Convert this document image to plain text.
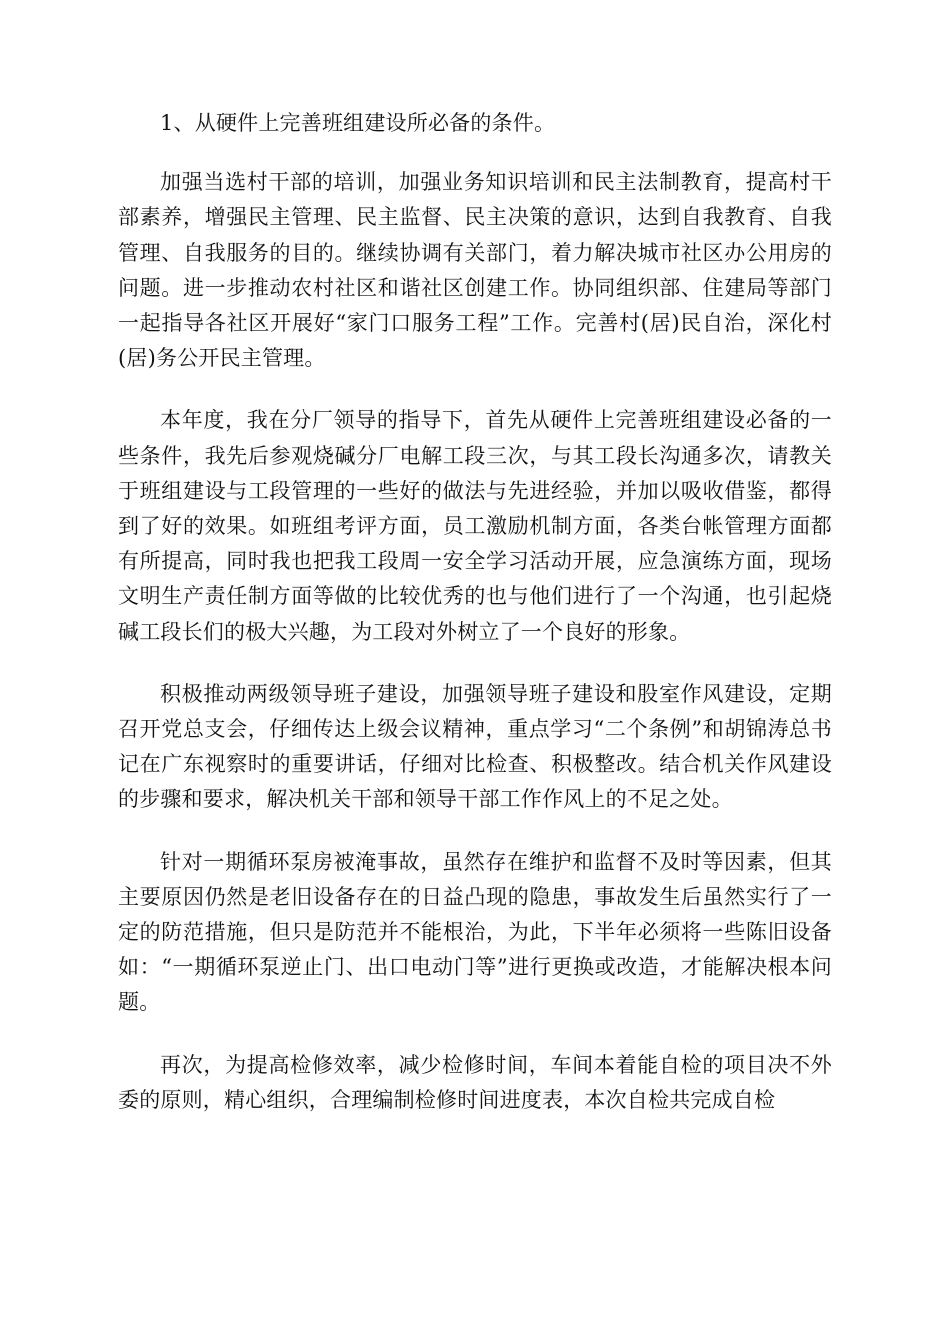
1、从硬件上完善班组建设所必备的条件。

加强当选村干部的培训，加强业务知识培训和民主法制教育，提高村干部素养，增强民主管理、民主监督、民主决策的意识，达到自我教育、自我管理、自我服务的目的。继续协调有关部门，着力解决城市社区办公用房的问题。进一步推动农村社区和谐社区创建工作。协同组织部、住建局等部门一起指导各社区开展好“家门口服务工程”工作。完善村(居)民自治，深化村(居)务公开民主管理。

本年度，我在分厂领导的指导下，首先从硬件上完善班组建设必备的一些条件，我先后参观烧碱分厂电解工段三次，与其工段长沟通多次，请教关于班组建设与工段管理的一些好的做法与先进经验，并加以吸收借鉴，都得到了好的效果。如班组考评方面，员工激励机制方面，各类台帐管理方面都有所提高，同时我也把我工段周一安全学习活动开展，应急演练方面，现场文明生产责任制方面等做的比较优秀的也与他们进行了一个沟通，也引起烧碱工段长们的极大兴趣，为工段对外树立了一个良好的形象。

积极推动两级领导班子建设，加强领导班子建设和股室作风建设，定期召开党总支会，仔细传达上级会议精神，重点学习“二个条例”和胡锦涛总书记在广东视察时的重要讲话，仔细对比检查、积极整改。结合机关作风建设的步骤和要求，解决机关干部和领导干部工作作风上的不足之处。

针对一期循环泵房被淹事故，虽然存在维护和监督不及时等因素，但其主要原因仍然是老旧设备存在的日益凸现的隐患，事故发生后虽然实行了一定的防范措施，但只是防范并不能根治，为此，下半年必须将一些陈旧设备如：“一期循环泵逆止门、出口电动门等”进行更换或改造，才能解决根本问题。

再次，为提高检修效率，减少检修时间，车间本着能自检的项目决不外委的原则，精心组织，合理编制检修时间进度表，本次自检共完成自检
